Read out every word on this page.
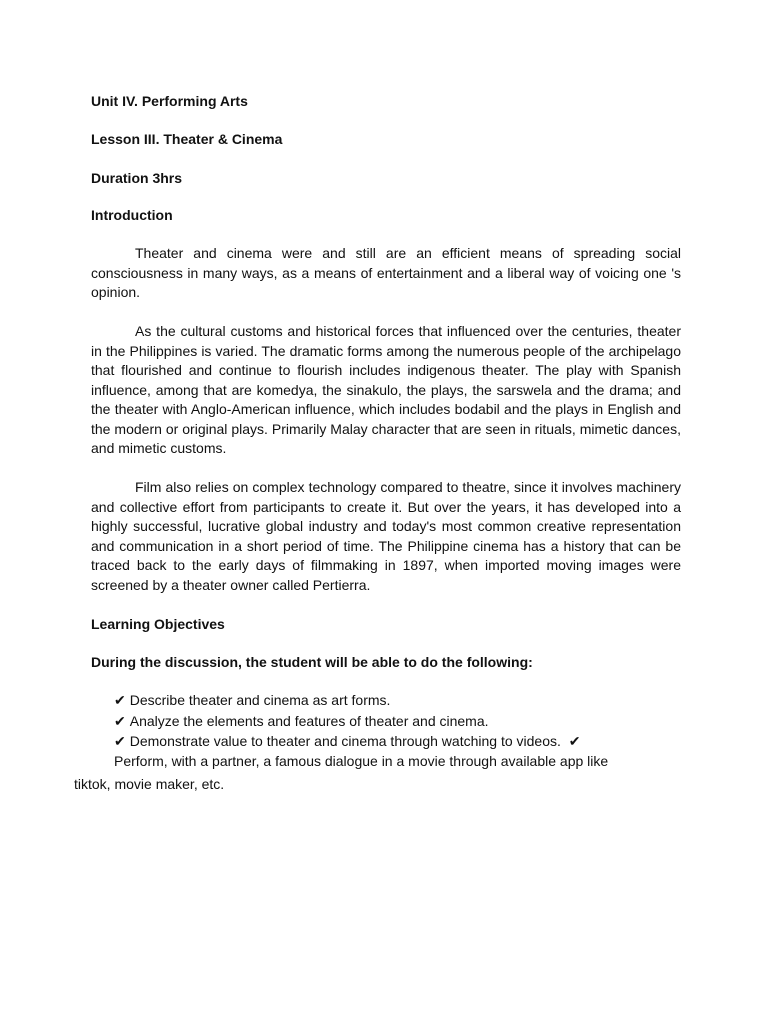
Unit IV. Performing Arts
Lesson III. Theater & Cinema

Duration 3hrs

Introduction

Theater and cinema were and still are an efficient means of spreading social consciousness in many ways, as a means of entertainment and a liberal way of voicing one 's opinion.

As the cultural customs and historical forces that influenced over the centuries, theater in the Philippines is varied. The dramatic forms among the numerous people of the archipelago that flourished and continue to flourish includes indigenous theater. The play with Spanish influence, among that are komedya, the sinakulo, the plays, the sarswela and the drama; and the theater with Anglo-American influence, which includes bodabil and the plays in English and the modern or original plays. Primarily Malay character that are seen in rituals, mimetic dances, and mimetic customs.

Film also relies on complex technology compared to theatre, since it involves machinery and collective effort from participants to create it. But over the years, it has developed into a highly successful, lucrative global industry and today's most common creative representation and communication in a short period of time. The Philippine cinema has a history that can be traced back to the early days of filmmaking in 1897, when imported moving images were screened by a theater owner called Pertierra.

Learning Objectives

During the discussion, the student will be able to do the following:

✔ Describe theater and cinema as art forms.

✔ Analyze the elements and features of theater and cinema.

✔ Demonstrate value to theater and cinema through watching to videos. ✔

Perform, with a partner, a famous dialogue in a movie through available app like

tiktok, movie maker, etc.
